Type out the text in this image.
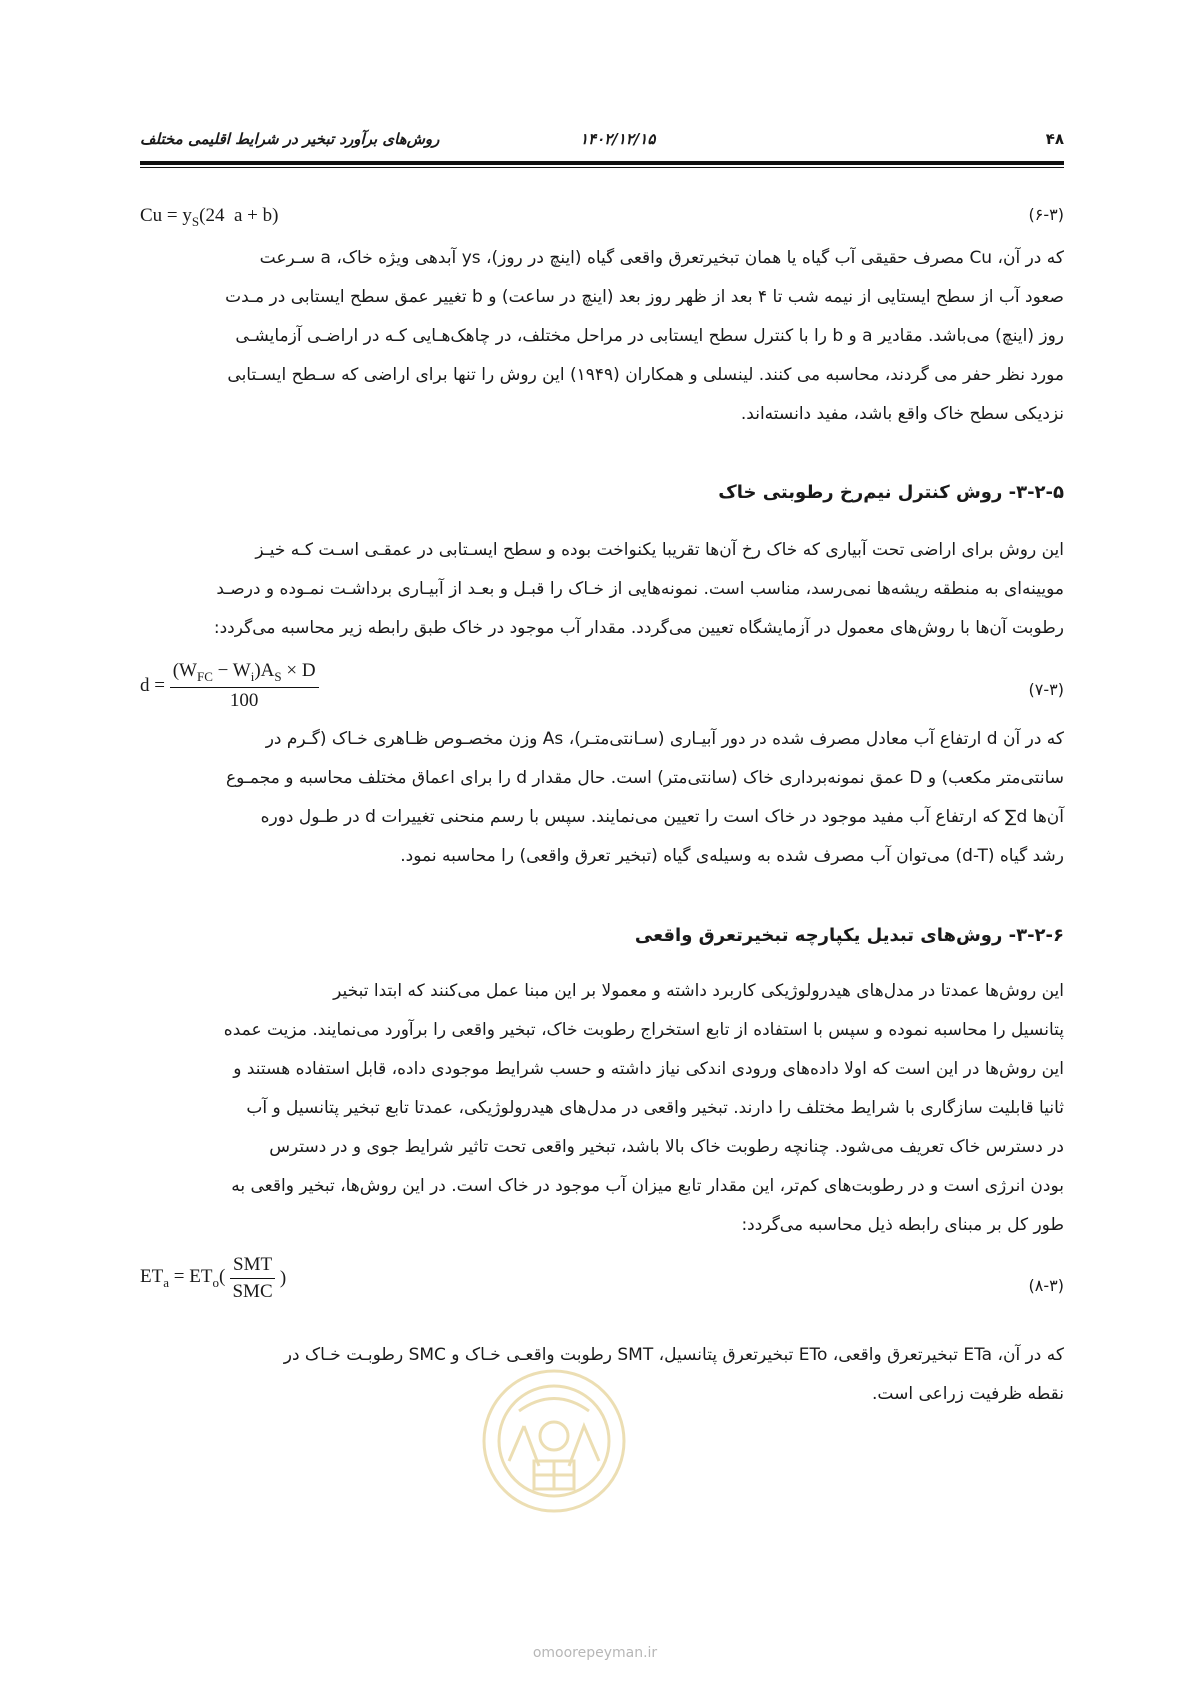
۴۸
۱۴۰۲/۱۲/۱۵
روش‌های برآورد تبخیر در شرایط اقلیمی مختلف
$Cu = y_S(24$  a + b)	(۶-۳)
که در آن، Cu مصرف حقیقی آب گیاه یا همان تبخیرتعرق واقعی گیاه (اینچ در روز)، ys آبدهی ویژه خاک، a سـرعت
صعود آب از سطح ایستایی از نیمه شب تا ۴ بعد از ظهر روز بعد (اینچ در ساعت) و b تغییر عمق سطح ایستابی در مـدت
روز (اینچ) می‌باشد. مقادیر a و b را با کنترل سطح ایستابی در مراحل مختلف، در چاهک‌هـایی کـه در اراضـی آزمایشـی
مورد نظر حفر می گردند، محاسبه می کنند. لینسلی و همکاران (۱۹۴۹) این روش را تنها برای اراضی که سـطح ایسـتابی
نزدیکی سطح خاک واقع باشد، مفید دانسته‌اند.
۳-۲-۵- روش کنترل نیم‌رخ رطوبتی خاک
این روش برای اراضی تحت آبیاری که خاک رخ آن‌ها تقریبا یکنواخت بوده و سطح ایسـتابی در عمقـی اسـت کـه خیـز
مویینه‌ای به منطقه ریشه‌ها نمی‌رسد، مناسب است. نمونه‌هایی از خـاک را قبـل و بعـد از آبیـاری برداشـت نمـوده و درصـد
رطوبت آن‌ها با روش‌های معمول در آزمایشگاه تعیین می‌گردد. مقدار آب موجود در خاک طبق رابطه زیر محاسبه می‌گردد:
$d = \frac{(W_{FC} - W_i)A_S \times D}{100}$	(۷-۳)
که در آن d ارتفاع آب معادل مصرف شده در دور آبیـاری (سـانتی‌متـر)، As وزن مخصـوص ظـاهری خـاک (گـرم در
سانتی‌متر مکعب) و D عمق نمونه‌برداری خاک (سانتی‌متر) است. حال مقدار d را برای اعماق مختلف محاسبه و مجمـوع
آن‌ها d∑ که ارتفاع آب مفید موجود در خاک است را تعیین می‌نمایند. سپس با رسم منحنی تغییرات d در طـول دوره
رشد گیاه (d-T) می‌توان آب مصرف شده به وسیله‌ی گیاه (تبخیر تعرق واقعی) را محاسبه نمود.
۳-۲-۶- روش‌های تبدیل یکپارچه تبخیرتعرق واقعی
این روش‌ها عمدتا در مدل‌های هیدرولوژیکی کاربرد داشته و معمولا بر این مبنا عمل می‌کنند که ابتدا تبخیر
پتانسیل را محاسبه نموده و سپس با استفاده از تابع استخراج رطوبت خاک، تبخیر واقعی را برآورد می‌نمایند. مزیت عمده
این روش‌ها در این است که اولا داده‌های ورودی اندکی نیاز داشته و حسب شرایط موجودی داده، قابل استفاده هستند و
ثانیا قابلیت سازگاری با شرایط مختلف را دارند. تبخیر واقعی در مدل‌های هیدرولوژیکی، عمدتا تابع تبخیر پتانسیل و آب
در دسترس خاک تعریف می‌شود. چنانچه رطوبت خاک بالا باشد، تبخیر واقعی تحت تاثیر شرایط جوی و در دسترس
بودن انرژی است و در رطوبت‌های کم‌تر، این مقدار تابع میزان آب موجود در خاک است. در این روش‌ها، تبخیر واقعی به
طور کل بر مبنای رابطه ذیل محاسبه می‌گردد:
$ET_a = ET_o( \frac{\text{SMT}}{\text{SMC}}$ )	(۸-۳)
که در آن، ETa تبخیرتعرق واقعی، ETo تبخیرتعرق پتانسیل، SMT رطوبت واقعـی خـاک و SMC رطوبـت خـاک در
نقطه ظرفیت زراعی است.
omoorepeyman.ir
